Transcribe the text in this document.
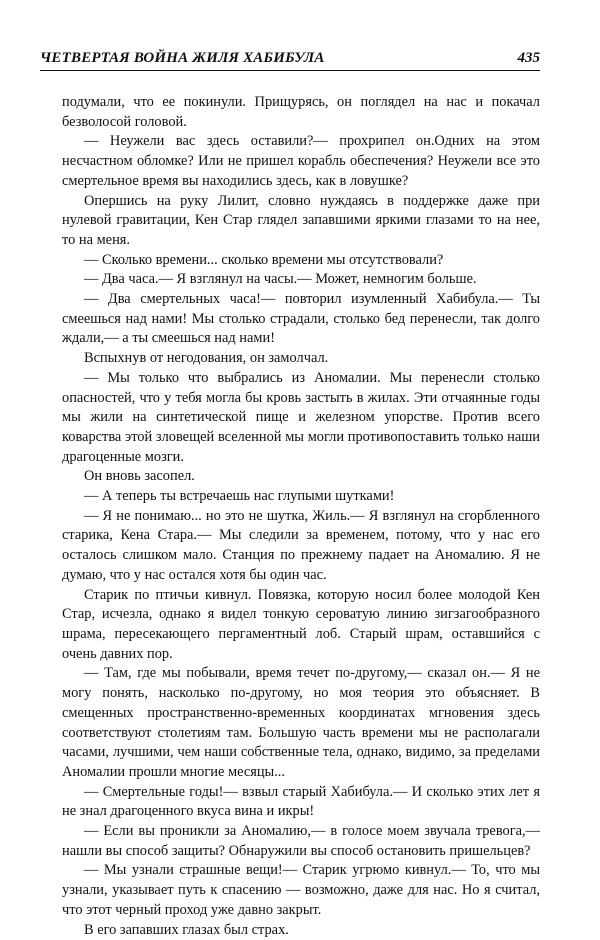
ЧЕТВЕРТАЯ ВОЙНА ЖИЛЯ ХАБИБУЛА	435

подумали, что ее покинули. Прищурясь, он поглядел на нас и покачал безволосой головой.

— Неужели вас здесь оставили?— прохрипел он.Одних на этом несчастном обломке? Или не пришел корабль обеспечения? Неужели все это смертельное время вы находились здесь, как в ловушке?

Опершись на руку Лилит, словно нуждаясь в поддержке даже при нулевой гравитации, Кен Стар глядел запавшими яркими глазами то на нее, то на меня.

— Сколько времени... сколько времени мы отсутствовали?

— Два часа.— Я взглянул на часы.— Может, немногим больше.

— Два смертельных часа!— повторил изумленный Хабибула.— Ты смеешься над нами! Мы столько страдали, столько бед перенесли, так долго ждали,— а ты смеешься над нами!

Вспыхнув от негодования, он замолчал.

— Мы только что выбрались из Аномалии. Мы перенесли столько опасностей, что у тебя могла бы кровь застыть в жилах. Эти отчаянные годы мы жили на синтетической пище и железном упорстве. Против всего коварства этой зловещей вселенной мы могли противопоставить только наши драгоценные мозги.

Он вновь засопел.

— А теперь ты встречаешь нас глупыми шутками!

— Я не понимаю... но это не шутка, Жиль.— Я взглянул на сгорбленного старика, Кена Стара.— Мы следили за временем, потому, что у нас его осталось слишком мало. Станция по прежнему падает на Аномалию. Я не думаю, что у нас остался хотя бы один час.

Старик по птичьи кивнул. Повязка, которую носил более молодой Кен Стар, исчезла, однако я видел тонкую сероватую линию зигзагообразного шрама, пересекающего пергаментный лоб. Старый шрам, оставшийся с очень давних пор.

— Там, где мы побывали, время течет по-другому,— сказал он.— Я не могу понять, насколько по-другому, но моя теория это объясняет. В смещенных пространственно-временных координатах мгновения здесь соответствуют столетиям там. Большую часть времени мы не располагали часами, лучшими, чем наши собственные тела, однако, видимо, за пределами Аномалии прошли многие месяцы...

— Смертельные годы!— взвыл старый Хабибула.— И сколько этих лет я не знал драгоценного вкуса вина и икры!

— Если вы проникли за Аномалию,— в голосе моем звучала тревога,— нашли вы способ защиты? Обнаружили вы способ остановить пришельцев?

— Мы узнали страшные вещи!— Старик угрюмо кивнул.— То, что мы узнали, указывает путь к спасению — возможно, даже для нас. Но я считал, что этот черный проход уже давно закрыт.

В его запавших глазах был страх.
